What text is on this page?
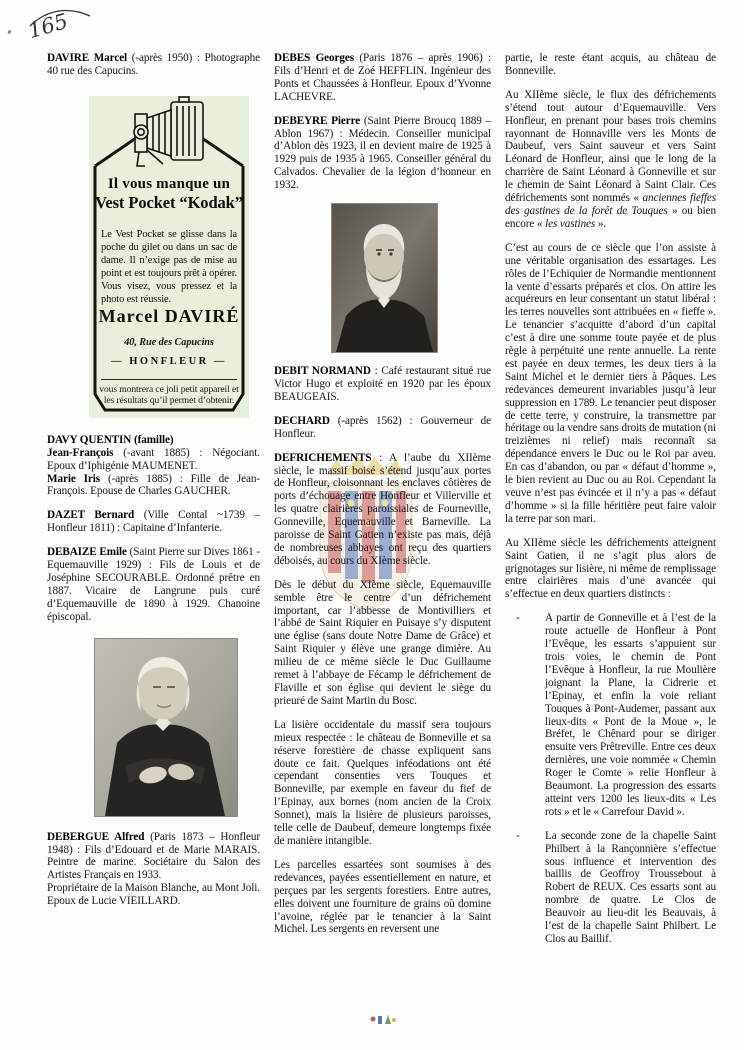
165
DAVIRE Marcel (-après 1950) : Photographe 40 rue des Capucins.
Il vous manque un
Vest Pocket “Kodak”
Le Vest Pocket se glisse dans la poche du gilet ou dans un sac de dame. Il n’exige pas de mise au point et est toujours prêt à opérer. Vous visez, vous pressez et la photo est réussie.
Marcel DAVIRÉ
40, Rue des Capucins
— HONFLEUR —
vous montrera ce joli petit appareil et les résultats qu’il permet d’obtenir.
DAVY QUENTIN (famille)
Jean-François (-avant 1885) : Négociant. Epoux d’Iphigénie MAUMENET.
Marie Iris (-après 1885) : Fille de Jean-François. Epouse de Charles GAUCHER.
DAZET Bernard (Ville Contal ~1739 – Honfleur 1811) : Capitaine d’Infanterie.
DEBAIZE Emile (Saint Pierre sur Dives 1861 - Equemauville 1929) : Fils de Louis et de Joséphine SECOURABLE. Ordonné prêtre en 1887. Vicaire de Langrune puis curé d’Equemauville de 1890 à 1929. Chanoine épiscopal.
DEBERGUE Alfred (Paris 1873 – Honfleur 1948) : Fils d’Edouard et de Marie MARAIS. Peintre de marine. Sociétaire du Salon des Artistes Français en 1933.
Propriétaire de la Maison Blanche, au Mont Joli.
Epoux de Lucie VIEILLARD.
DEBES Georges (Paris 1876 – après 1906) : Fils d’Henri et de Zoé HEFFLIN. Ingénieur des Ponts et Chaussées à Honfleur. Epoux d’Yvonne LACHEVRE.
DEBEYRE Pierre (Saint Pierre Broucq 1889 – Ablon 1967) : Médecin. Conseiller municipal d’Ablon dès 1923, il en devient maire de 1925 à 1929 puis de 1935 à 1965. Conseiller général du Calvados. Chevalier de la légion d’honneur en 1932.
DEBIT NORMAND : Café restaurant situé rue Victor Hugo et exploité en 1920 par les époux BEAUGEAIS.
DECHARD (-après 1562) : Gouverneur de Honfleur.
DEFRICHEMENTS : A l’aube du XIIème siècle, le massif boisé s’étend jusqu’aux portes de Honfleur, cloisonnant les enclaves côtières de ports d’échouage entre Honfleur et Villerville et les quatre clairières paroissiales de Fourneville, Gonneville, Equemauville et Barneville. La paroisse de Saint Gatien n’existe pas mais, déjà de nombreuses abbayes ont reçu des quartiers déboisés, au cours du XIème siècle.
Dès le début du XIème siècle, Equemauville semble être le centre d’un défrichement important, car l’abbesse de Montivilliers et l’abbé de Saint Riquier en Puisaye s’y disputent une église (sans doute Notre Dame de Grâce) et Saint Riquier y élève une grange dimière. Au milieu de ce même siècle le Duc Guillaume remet à l’abbaye de Fécamp le défrichement de Flaville et son église qui devient le siège du prieuré de Saint Martin du Bosc.
La lisière occidentale du massif sera toujours mieux respectée : le château de Bonneville et sa réserve forestière de chasse expliquent sans doute ce fait. Quelques inféodations ont été cependant consenties vers Touques et Bonneville, par exemple en faveur du fief de l’Epinay, aux bornes (nom ancien de la Croix Sonnet), mais la lisière de plusieurs paroisses, telle celle de Daubeuf, demeure longtemps fixée de manière intangible.
Les parcelles essartées sont soumises à des redevances, payées essentiellement en nature, et perçues par les sergents forestiers. Entre autres, elles doivent une fourniture de grains où domine l’avoine, réglée par le tenancier à la Saint Michel. Les sergents en reversent une
partie, le reste étant acquis, au château de Bonneville.
Au XIIème siècle, le flux des défrichements s’étend tout autour d’Equemauville. Vers Honfleur, en prenant pour bases trois chemins rayonnant de Honnaville vers les Monts de Daubeuf, vers Saint sauveur et vers Saint Léonard de Honfleur, ainsi que le long de la charrière de Saint Léonard à Gonneville et sur le chemin de Saint Léonard à Saint Clair. Ces défrichements sont nommés « anciennes fieffes des gastines de la forêt de Touques » ou bien encore « les vastines ».
C’est au cours de ce siècle que l’on assiste à une véritable organisation des essartages. Les rôles de l’Echiquier de Normandie mentionnent la vente d’essarts préparés et clos. On attire les acquéreurs en leur consentant un statut libéral : les terres nouvelles sont attribuées en « fieffe ». Le tenancier s’acquitte d’abord d’un capital c’est à dire une somme toute payée et de plus règle à perpétuité une rente annuelle. La rente est payée en deux termes, les deux tiers à la Saint Michel et le dernier tiers à Pâques. Les redevances demeurent invariables jusqu’à leur suppression en 1789. Le tenancier peut disposer de cette terre, y construire, la transmettre par héritage ou la vendre sans droits de mutation (ni treizièmes ni relief) mais reconnaît sa dépendance envers le Duc ou le Roi par aveu. En cas d’abandon, ou par « défaut d’homme », le bien revient au Duc ou au Roi. Cependant la veuve n’est pas évincée et il n’y a pas « défaut d’homme » si la fille héritière peut faire valoir la terre par son mari.
Au XIIème siècle les défrichements atteignent Saint Gatien, il ne s’agit plus alors de grignotages sur lisière, ni même de remplissage entre clairières mais d’une avancée qui s’effectue en deux quartiers distincts :
- A partir de Gonneville et à l’est de la route actuelle de Honfleur à Pont l’Evêque, les essarts s’appuient sur trois voies, le chemin de Pont l’Evêque à Honfleur, la rue Moulière joignant la Plane, la Cidrerie et l’Epinay, et enfin la voie reliant Touques à Pont-Audemer, passant aux lieux-dits « Pont de la Moue », le Bréfet, le Chênard pour se diriger ensuite vers Prêtreville. Entre ces deux dernières, une voie nommée « Chemin Roger le Comte » relie Honfleur à Beaumont. La progression des essarts atteint vers 1200 les lieux-dits « Les rots » et le « Carrefour David ».
- La seconde zone de la chapelle Saint Philbert à la Rançonnière s’effectue sous influence et intervention des baillis de Geoffroy Troussebout à Robert de REUX. Ces essarts sont au nombre de quatre. Le Clos de Beauvoir au lieu-dit les Beauvais, à l’est de la chapelle Saint Philbert. Le Clos au Baillif.
